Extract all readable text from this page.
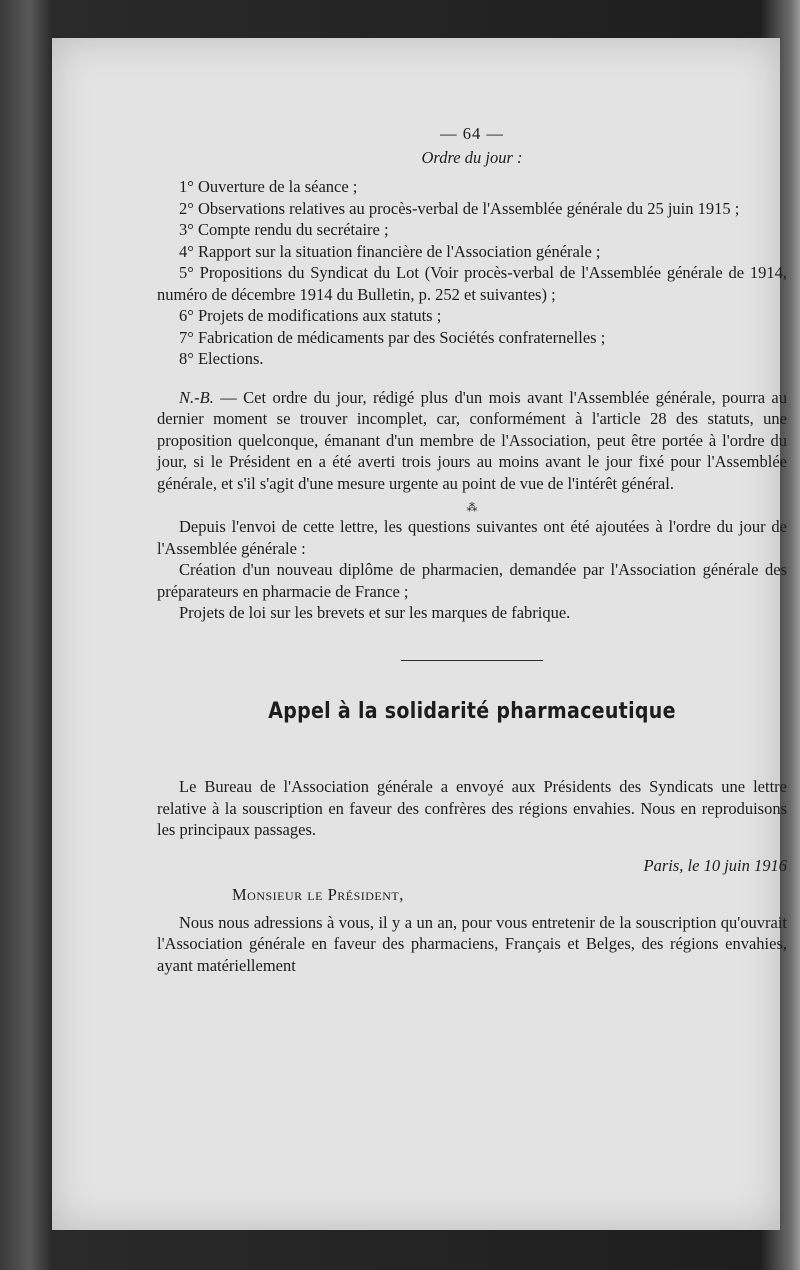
— 64 —
Ordre du jour :
1° Ouverture de la séance ;
2° Observations relatives au procès-verbal de l'Assemblée générale du 25 juin 1915 ;
3° Compte rendu du secrétaire ;
4° Rapport sur la situation financière de l'Association générale ;
5° Propositions du Syndicat du Lot (Voir procès-verbal de l'Assemblée générale de 1914, numéro de décembre 1914 du Bulletin, p. 252 et suivantes) ;
6° Projets de modifications aux statuts ;
7° Fabrication de médicaments par des Sociétés confraternelles ;
8° Elections.
N.-B. — Cet ordre du jour, rédigé plus d'un mois avant l'Assemblée générale, pourra au dernier moment se trouver incomplet, car, conformément à l'article 28 des statuts, une proposition quelconque, émanant d'un membre de l'Association, peut être portée à l'ordre du jour, si le Président en a été averti trois jours au moins avant le jour fixé pour l'Assemblée générale, et s'il s'agit d'une mesure urgente au point de vue de l'intérêt général.
⁂
Depuis l'envoi de cette lettre, les questions suivantes ont été ajoutées à l'ordre du jour de l'Assemblée générale :
Création d'un nouveau diplôme de pharmacien, demandée par l'Association générale des préparateurs en pharmacie de France ;
Projets de loi sur les brevets et sur les marques de fabrique.
Appel à la solidarité pharmaceutique
Le Bureau de l'Association générale a envoyé aux Présidents des Syndicats une lettre relative à la souscription en faveur des confrères des régions envahies. Nous en reproduisons les principaux passages.
Paris, le 10 juin 1916
Monsieur le Président,
Nous nous adressions à vous, il y a un an, pour vous entretenir de la souscription qu'ouvrait l'Association générale en faveur des pharmaciens, Français et Belges, des régions envahies, ayant matériellement
